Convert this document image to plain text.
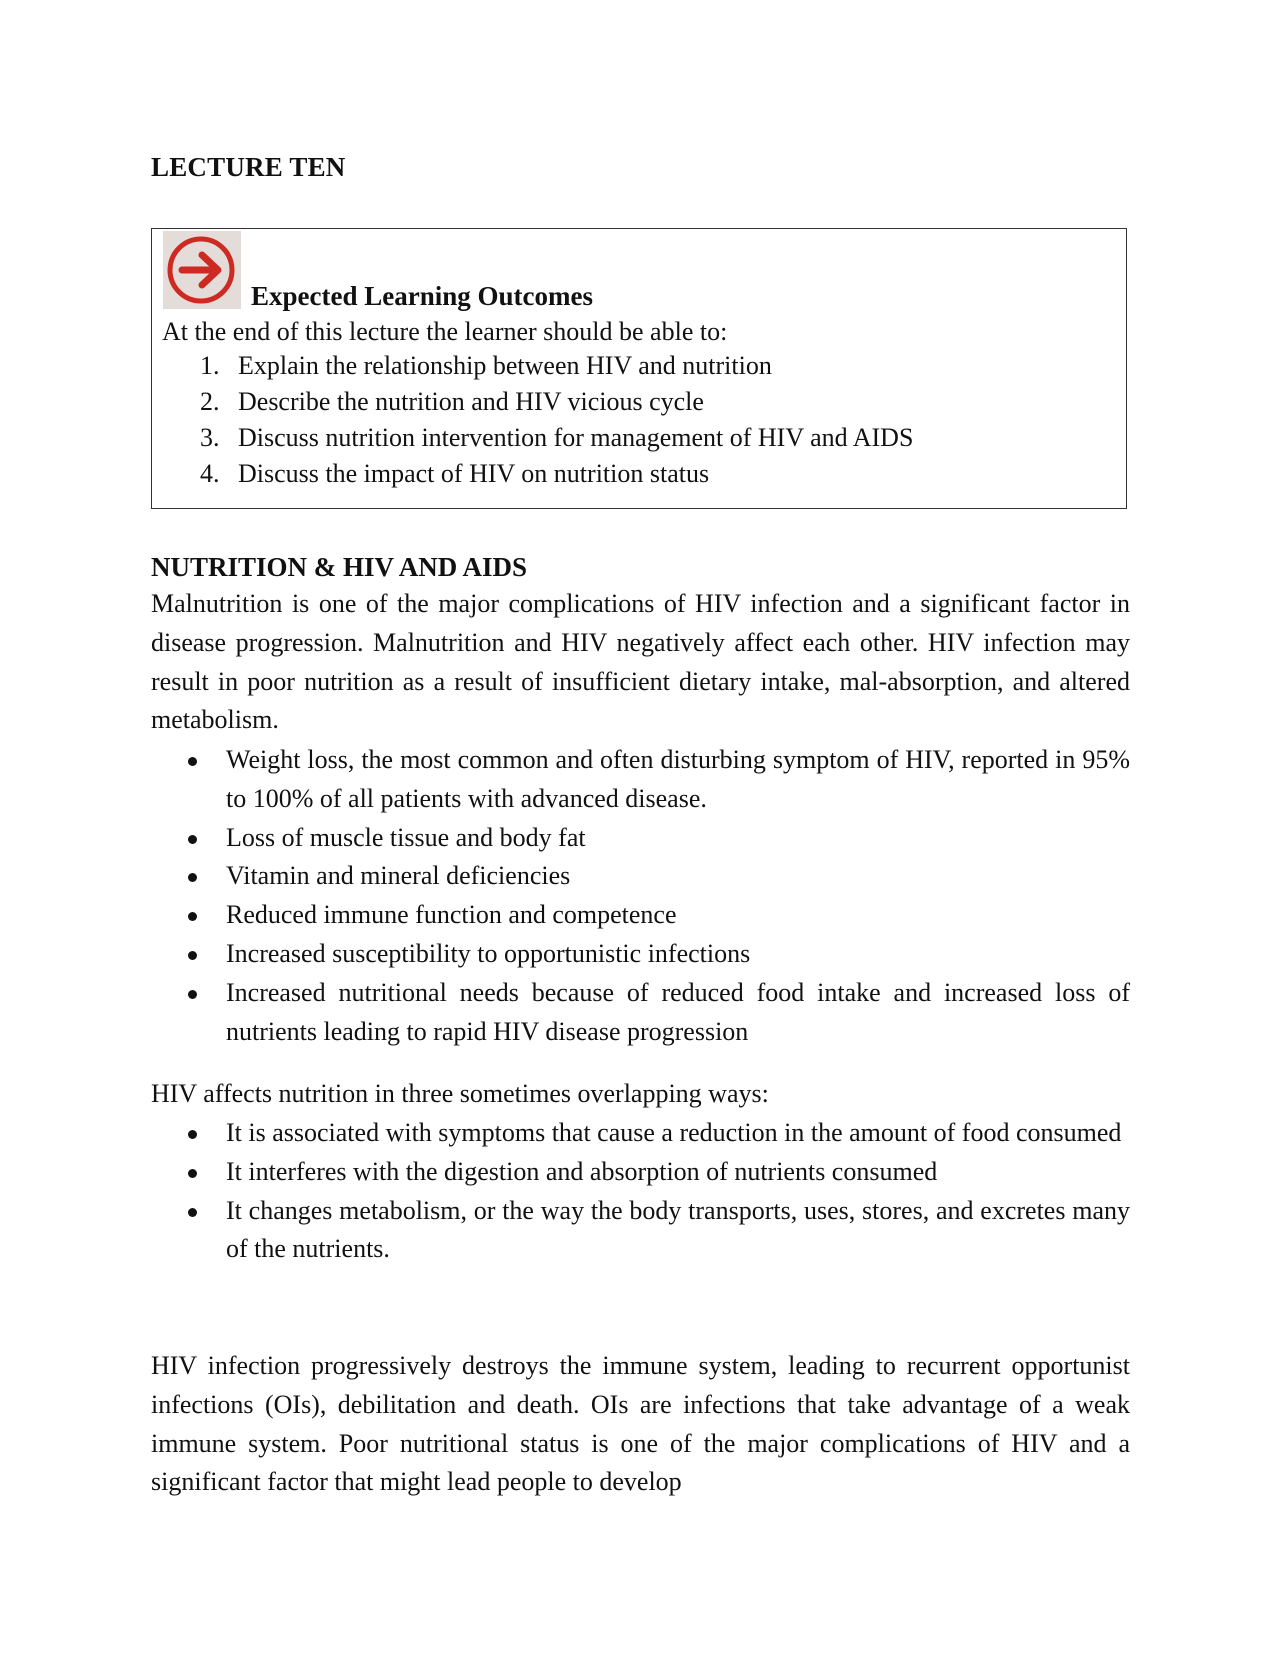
LECTURE TEN
Expected Learning Outcomes
At the end of this lecture the learner should be able to:
1. Explain the relationship between HIV and nutrition
2. Describe the nutrition and HIV vicious cycle
3. Discuss nutrition intervention for management of HIV and AIDS
4. Discuss the impact of HIV on nutrition status
NUTRITION & HIV AND AIDS

Malnutrition is one of the major complications of HIV infection and a significant factor in disease progression. Malnutrition and HIV negatively affect each other. HIV infection may result in poor nutrition as a result of insufficient dietary intake, mal-absorption, and altered metabolism.

Weight loss, the most common and often disturbing symptom of HIV, reported in 95% to 100% of all patients with advanced disease.
Loss of muscle tissue and body fat
Vitamin and mineral deficiencies
Reduced immune function and competence
Increased susceptibility to opportunistic infections
Increased nutritional needs because of reduced food intake and increased loss of nutrients leading to rapid HIV disease progression

HIV affects nutrition in three sometimes overlapping ways:

It is associated with symptoms that cause a reduction in the amount of food consumed
It interferes with the digestion and absorption of nutrients consumed
It changes metabolism, or the way the body transports, uses, stores, and excretes many of the nutrients.

HIV infection progressively destroys the immune system, leading to recurrent opportunist infections (OIs), debilitation and death. OIs are infections that take advantage of a weak immune system. Poor nutritional status is one of the major complications of HIV and a significant factor that might lead people to develop
